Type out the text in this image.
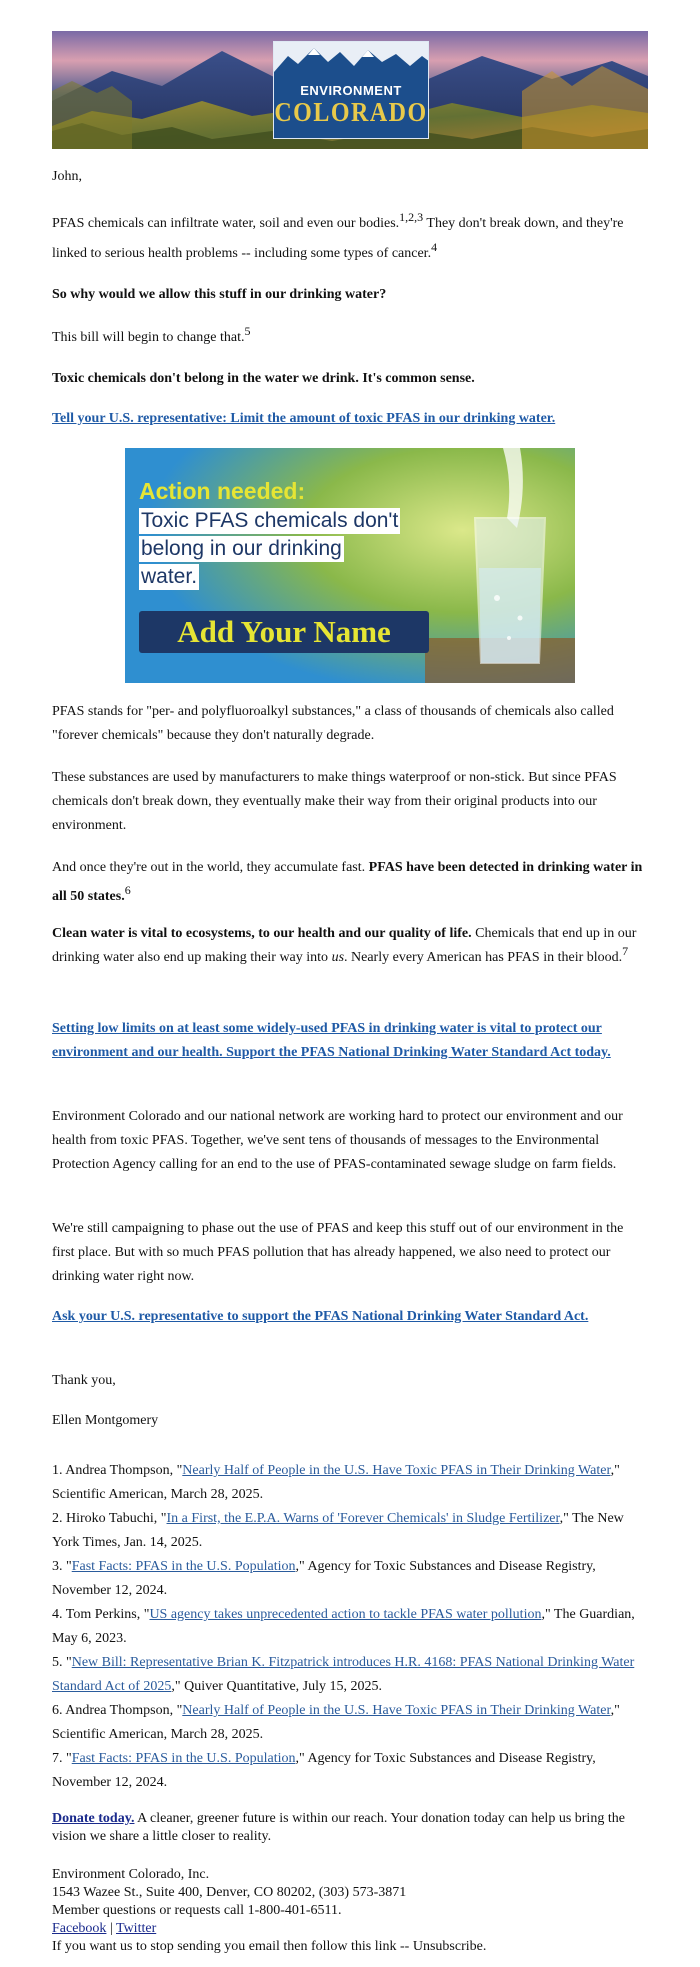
ENVIRONMENT
COLORADO

John,

PFAS chemicals can infiltrate water, soil and even our bodies.$^{1,2,3}$ They don't break down, and they're linked to serious health problems -- including some types of cancer.$^4$

So why would we allow this stuff in our drinking water?

This bill will begin to change that.$^5$

Toxic chemicals don't belong in the water we drink. It's common sense.

Tell your U.S. representative: Limit the amount of toxic PFAS in our drinking water.
Action needed:
Toxic PFAS chemicals don't
belong in our drinking
water.
Add Your Name

PFAS stands for "per- and polyfluoroalkyl substances," a class of thousands of chemicals also called "forever chemicals" because they don't naturally degrade.

These substances are used by manufacturers to make things waterproof or non-stick. But since PFAS chemicals don't break down, they eventually make their way from their original products into our environment.

And once they're out in the world, they accumulate fast. PFAS have been detected in drinking water in all 50 states.$^6$

Clean water is vital to ecosystems, to our health and our quality of life. Chemicals that end up in our drinking water also end up making their way into us. Nearly every American has PFAS in their blood.$^7$

Setting low limits on at least some widely-used PFAS in drinking water is vital to protect our environment and our health. Support the PFAS National Drinking Water Standard Act today.

Environment Colorado and our national network are working hard to protect our environment and our health from toxic PFAS. Together, we've sent tens of thousands of messages to the Environmental Protection Agency calling for an end to the use of PFAS-contaminated sewage sludge on farm fields.

We're still campaigning to phase out the use of PFAS and keep this stuff out of our environment in the first place. But with so much PFAS pollution that has already happened, we also need to protect our drinking water right now.

Ask your U.S. representative to support the PFAS National Drinking Water Standard Act.

Thank you,

Ellen Montgomery

1. Andrea Thompson, "Nearly Half of People in the U.S. Have Toxic PFAS in Their Drinking Water," Scientific American, March 28, 2025.
2. Hiroko Tabuchi, "In a First, the E.P.A. Warns of 'Forever Chemicals' in Sludge Fertilizer," The New York Times, Jan. 14, 2025.
3. "Fast Facts: PFAS in the U.S. Population," Agency for Toxic Substances and Disease Registry, November 12, 2024.
4. Tom Perkins, "US agency takes unprecedented action to tackle PFAS water pollution," The Guardian, May 6, 2023.
5. "New Bill: Representative Brian K. Fitzpatrick introduces H.R. 4168: PFAS National Drinking Water Standard Act of 2025," Quiver Quantitative, July 15, 2025.
6. Andrea Thompson, "Nearly Half of People in the U.S. Have Toxic PFAS in Their Drinking Water," Scientific American, March 28, 2025.
7. "Fast Facts: PFAS in the U.S. Population," Agency for Toxic Substances and Disease Registry, November 12, 2024.
Donate today. A cleaner, greener future is within our reach. Your donation today can help us bring the vision we share a little closer to reality.
Environment Colorado, Inc.
1543 Wazee St., Suite 400, Denver, CO 80202, (303) 573-3871
Member questions or requests call 1-800-401-6511.
Facebook | Twitter
If you want us to stop sending you email then follow this link -- Unsubscribe.
